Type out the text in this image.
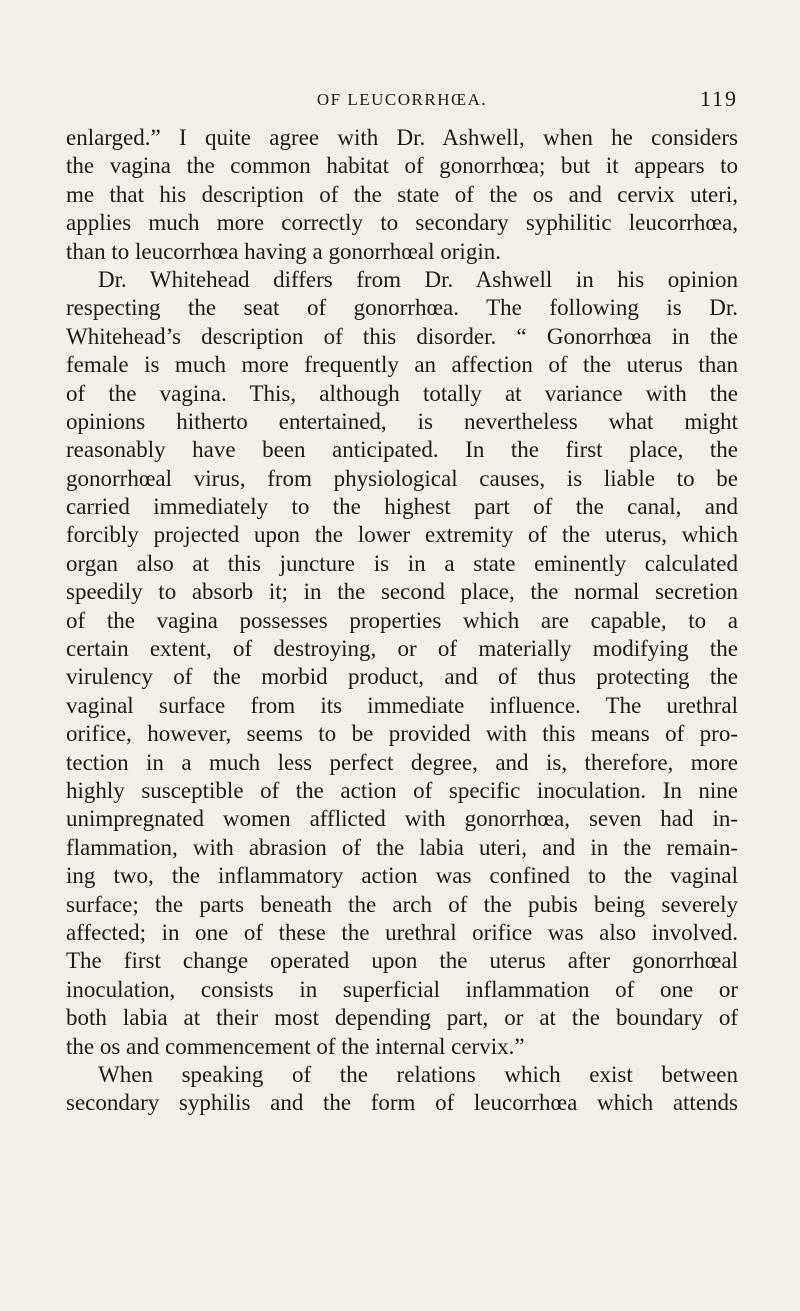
OF LEUCORRHŒA.	119
enlarged.” I quite agree with Dr. Ashwell, when he considers
the vagina the common habitat of gonorrhœa; but it appears to
me that his description of the state of the os and cervix uteri,
applies much more correctly to secondary syphilitic leucorrhœa,
than to leucorrhœa having a gonorrhœal origin.
Dr. Whitehead differs from Dr. Ashwell in his opinion
respecting the seat of gonorrhœa. The following is Dr.
Whitehead’s description of this disorder. “ Gonorrhœa in the
female is much more frequently an affection of the uterus than
of the vagina. This, although totally at variance with the
opinions hitherto entertained, is nevertheless what might
reasonably have been anticipated. In the first place, the
gonorrhœal virus, from physiological causes, is liable to be
carried immediately to the highest part of the canal, and
forcibly projected upon the lower extremity of the uterus, which
organ also at this juncture is in a state eminently calculated
speedily to absorb it; in the second place, the normal secretion
of the vagina possesses properties which are capable, to a
certain extent, of destroying, or of materially modifying the
virulency of the morbid product, and of thus protecting the
vaginal surface from its immediate influence. The urethral
orifice, however, seems to be provided with this means of pro-
tection in a much less perfect degree, and is, therefore, more
highly susceptible of the action of specific inoculation. In nine
unimpregnated women afflicted with gonorrhœa, seven had in-
flammation, with abrasion of the labia uteri, and in the remain-
ing two, the inflammatory action was confined to the vaginal
surface; the parts beneath the arch of the pubis being severely
affected; in one of these the urethral orifice was also involved.
The first change operated upon the uterus after gonorrhœal
inoculation, consists in superficial inflammation of one or
both labia at their most depending part, or at the boundary of
the os and commencement of the internal cervix.”
When speaking of the relations which exist between
secondary syphilis and the form of leucorrhœa which attends
